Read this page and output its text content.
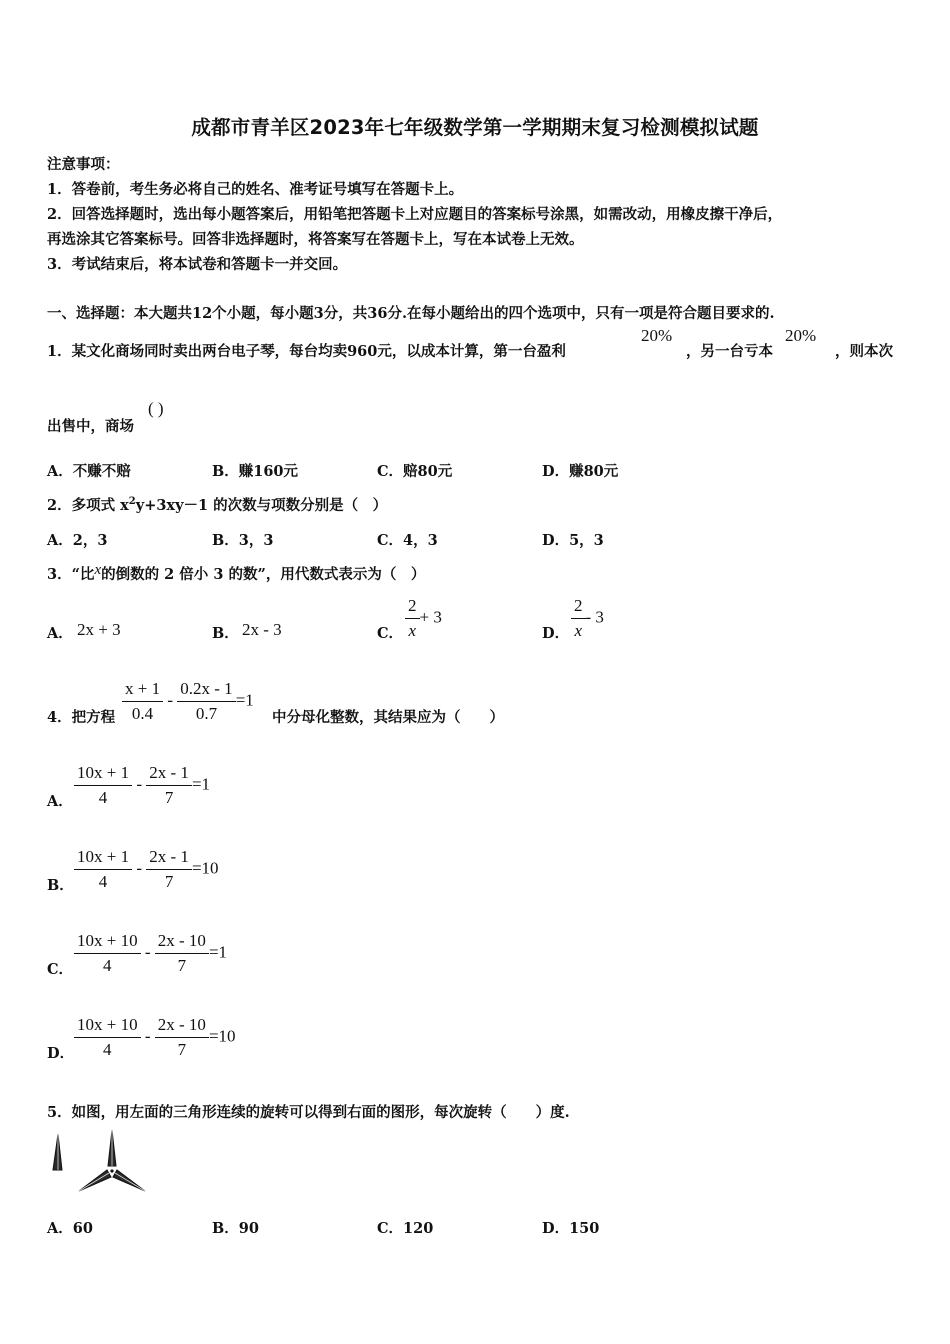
成都市青羊区2023年七年级数学第一学期期末复习检测模拟试题
注意事项：
1．答卷前，考生务必将自己的姓名、准考证号填写在答题卡上。
2．回答选择题时，选出每小题答案后，用铅笔把答题卡上对应题目的答案标号涂黑，如需改动，用橡皮擦干净后，
再选涂其它答案标号。回答非选择题时，将答案写在答题卡上，写在本试卷上无效。
3．考试结束后，将本试卷和答题卡一并交回。
一、选择题：本大题共12个小题，每小题3分，共36分.在每小题给出的四个选项中，只有一项是符合题目要求的.
1．某文化商场同时卖出两台电子琴，每台均卖960元，以成本计算，第一台盈利
20%
，另一台亏本
20%
，则本次
出售中，商场
( )
A．不赚不赔	B．赚160元	C．赔80元	D．赚80元
2．多项式 $x^2y+3xy-1$ 的次数与项数分别是（　）
A．2，3	B．3，3	C．4，3	D．5，3
3．“比x的倒数的 2 倍小 3 的数”，用代数式表示为（　）
A． 2x + 3	B． 2x - 3	C． $\frac{2}{x} + 3$
D． $\frac{2}{x} - 3$
4．把方程 $\frac{x + 1}{0.4} - \frac{0.2x - 1}{0.7} =1$
中分母化整数，其结果应为（　　）
A． $\frac{10x + 1}{4} - \frac{2x - 1}{7} =1$
B． $\frac{10x + 1}{4} - \frac{2x - 1}{7} =10$
C． $\frac{10x + 10}{4} - \frac{2x - 10}{7} =1$
D． $\frac{10x + 10}{4} - \frac{2x - 10}{7} =10$
5．如图，用左面的三角形连续的旋转可以得到右面的图形，每次旋转（　　）度.
A．60	B．90	C．120	D．150
